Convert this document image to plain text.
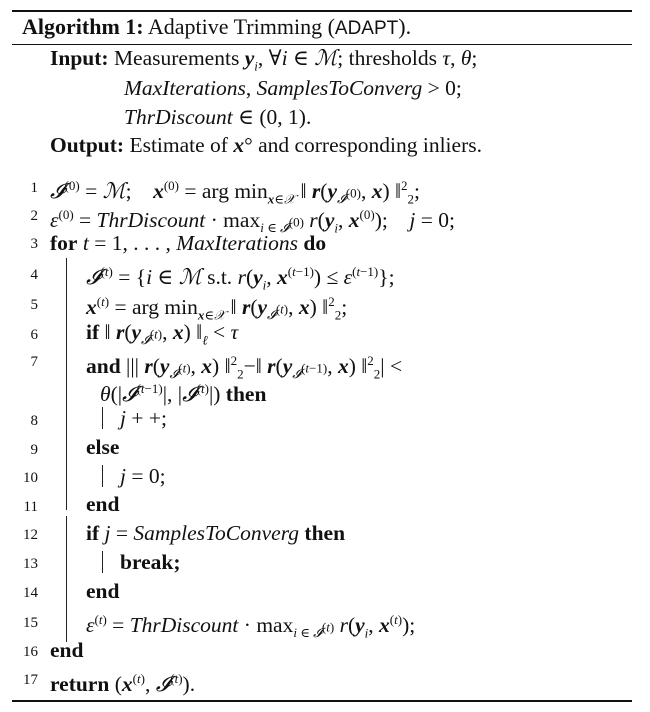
Algorithm 1: Adaptive Trimming (ADAPT).
Input: Measurements $y_i$, ∀i ∈ ℳ; thresholds τ, θ;
MaxIterations, SamplesToConverg > 0;
ThrDiscount ∈ (0, 1).
Output: Estimate of x° and corresponding inliers.
1
2
3
4
5
6
7
8
9
10
11
12
13
14
15
16
17
𝓘$^{(0)}$ = ℳ;    $x^{(0)}$ = arg $\min_{x\in 𝒳}$ ‖ $r(y_{𝓘^{(0)}}$, x) ‖$^2_2$;
$\varepsilon^{(0)}$ = ThrDiscount · $\max_{i \in 𝓘^{(0)}} r(y_i$, $x^{(0)}$);    j = 0;
for t = 1, . . . , MaxIterations do
𝓘$^{(t)}$ = {i ∈ ℳ s.t. $r(y_i$, $x^{(t-1)}) \le \varepsilon^{(t-1)}$};
$x^{(t)}$ = arg $\min_{x\in 𝒳}$ ‖ $r(y_{𝓘^{(t)}}$, x) ‖$^2_2$;
if ‖ $r(y_{𝓘^{(t)}}$, x) $‖_\ell < \tau$
and ||| $r(y_{𝓘^{(t)}}$, x) ‖$^2_2$−‖ $r(y_{𝓘^{(t-1)}}$, x) ‖$^2_2$| <
θ(|𝓘$^{(t-1)}$|, |𝓘$^{(t)}$|) then
j + +;
else
j = 0;
end
if j = SamplesToConverg then
break;
end
$\varepsilon^{(t)}$ = ThrDiscount · $\max_{i \in 𝓘^{(t)}} r(y_i$, $x^{(t)}$);
end
return ($x^{(t)}$, 𝓘$^{(t)}$).
